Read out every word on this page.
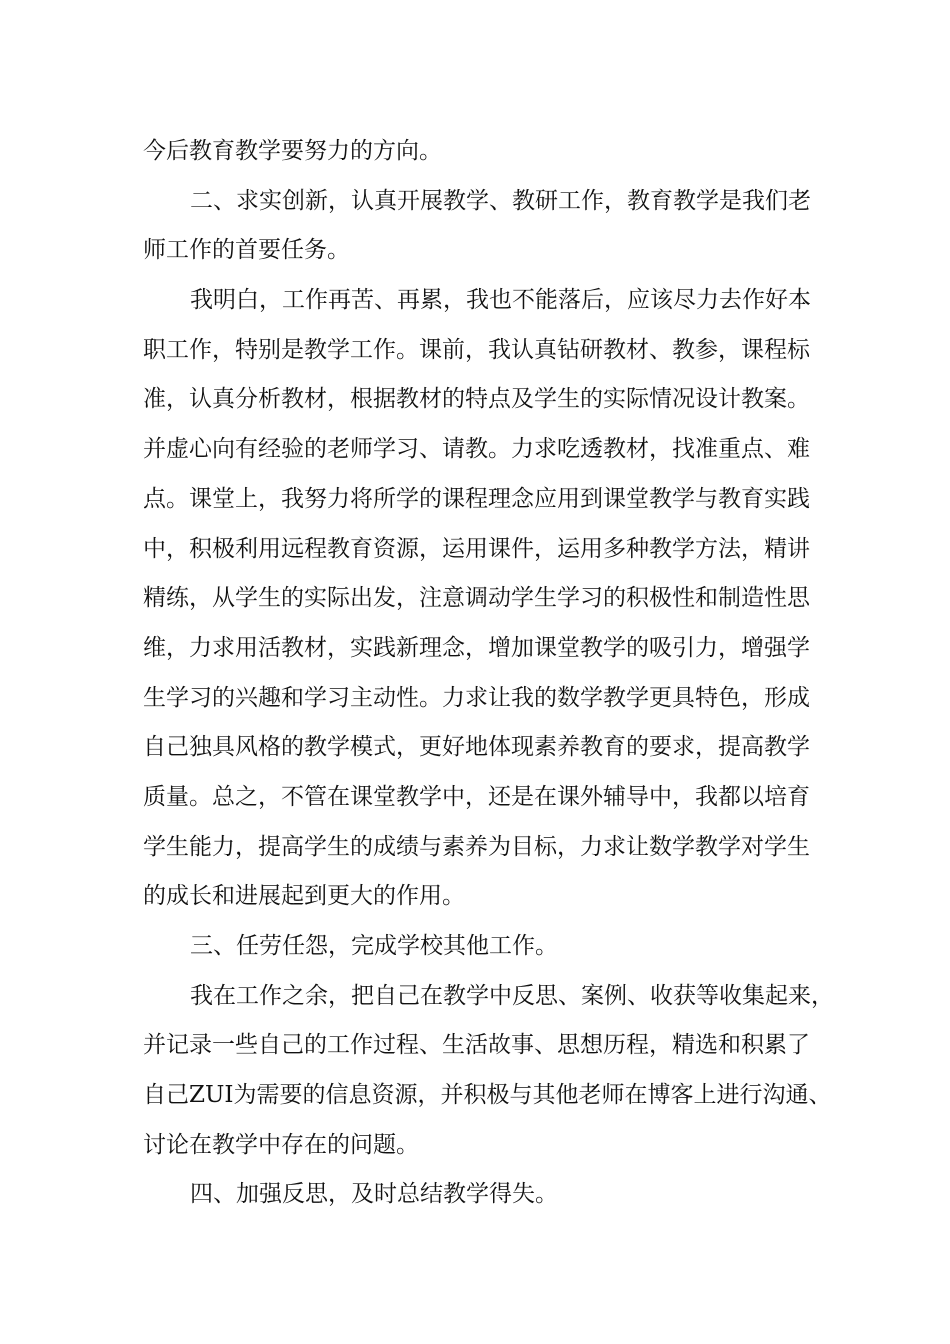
今后教育教学要努力的方向。
二、求实创新，认真开展教学、教研工作，教育教学是我们老
师工作的首要任务。
我明白，工作再苦、再累，我也不能落后，应该尽力去作好本
职工作，特别是教学工作。课前，我认真钻研教材、教参，课程标
准，认真分析教材，根据教材的特点及学生的实际情况设计教案。
并虚心向有经验的老师学习、请教。力求吃透教材，找准重点、难
点。课堂上，我努力将所学的课程理念应用到课堂教学与教育实践
中，积极利用远程教育资源，运用课件，运用多种教学方法，精讲
精练，从学生的实际出发，注意调动学生学习的积极性和制造性思
维，力求用活教材，实践新理念，增加课堂教学的吸引力，增强学
生学习的兴趣和学习主动性。力求让我的数学教学更具特色，形成
自己独具风格的教学模式，更好地体现素养教育的要求，提高教学
质量。总之，不管在课堂教学中，还是在课外辅导中，我都以培育
学生能力，提高学生的成绩与素养为目标，力求让数学教学对学生
的成长和进展起到更大的作用。
三、任劳任怨，完成学校其他工作。
我在工作之余，把自己在教学中反思、案例、收获等收集起来，
并记录一些自己的工作过程、生活故事、思想历程，精选和积累了
自己ZUI为需要的信息资源，并积极与其他老师在博客上进行沟通、
讨论在教学中存在的问题。
四、加强反思，及时总结教学得失。
